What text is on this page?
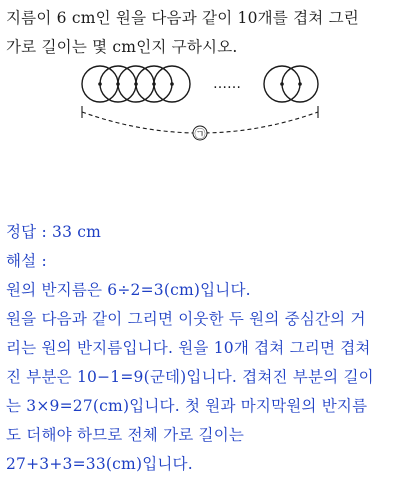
지름이 6 cm인 원을 다음과 같이 10개를 겹쳐 그린
가로 길이는 몇 cm인지 구하시오.
……
㉠
정답 : 33 cm
해설 :
원의 반지름은 6÷2=3(cm)입니다.
원을 다음과 같이 그리면 이웃한 두 원의 중심간의 거
리는 원의 반지름입니다. 원을 10개 겹쳐 그리면 겹쳐
진 부분은 10−1=9(군데)입니다. 겹쳐진 부분의 길이
는 3×9=27(cm)입니다. 첫 원과 마지막원의 반지름
도 더해야 하므로 전체 가로 길이는
27+3+3=33(cm)입니다.
